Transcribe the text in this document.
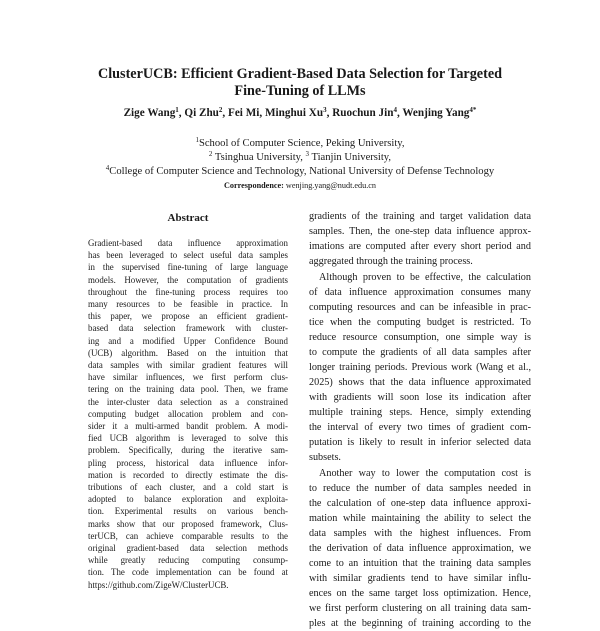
ClusterUCB: Efficient Gradient-Based Data Selection for Targeted
Fine-Tuning of LLMs
Zige Wang$^1$, Qi Zhu$^2$, Fei Mi, Minghui Xu$^3$, Ruochun Jin$^4$, Wenjing Yang$^{4*}$
$^1$School of Computer Science, Peking University,
$^2$ Tsinghua University, $^3$ Tianjin University,
$^4$College of Computer Science and Technology, National University of Defense Technology
Correspondence: wenjing.yang@nudt.edu.cn
Abstract
Gradient-based data influence approximation
has been leveraged to select useful data samples
in the supervised fine-tuning of large language
models. However, the computation of gradients
throughout the fine-tuning process requires too
many resources to be feasible in practice. In
this paper, we propose an efficient gradient-
based data selection framework with cluster-
ing and a modified Upper Confidence Bound
(UCB) algorithm. Based on the intuition that
data samples with similar gradient features will
have similar influences, we first perform clus-
tering on the training data pool. Then, we frame
the inter-cluster data selection as a constrained
computing budget allocation problem and con-
sider it a multi-armed bandit problem. A modi-
fied UCB algorithm is leveraged to solve this
problem. Specifically, during the iterative sam-
pling process, historical data influence infor-
mation is recorded to directly estimate the dis-
tributions of each cluster, and a cold start is
adopted to balance exploration and exploita-
tion. Experimental results on various bench-
marks show that our proposed framework, Clus-
terUCB, can achieve comparable results to the
original gradient-based data selection methods
while greatly reducing computing consump-
tion. The code implementation can be found at
https://github.com/ZigeW/ClusterUCB.
gradients of the training and target validation data
samples. Then, the one-step data influence approx-
imations are computed after every short period and
aggregated through the training process.
Although proven to be effective, the calculation
of data influence approximation consumes many
computing resources and can be infeasible in prac-
tice when the computing budget is restricted. To
reduce resource consumption, one simple way is
to compute the gradients of all data samples after
longer training periods. Previous work (Wang et al.,
2025) shows that the data influence approximated
with gradients will soon lose its indication after
multiple training steps. Hence, simply extending
the interval of every two times of gradient com-
putation is likely to result in inferior selected data
subsets.
Another way to lower the computation cost is
to reduce the number of data samples needed in
the calculation of one-step data influence approxi-
mation while maintaining the ability to select the
data samples with the highest influences. From
the derivation of data influence approximation, we
come to an intuition that the training data samples
with similar gradients tend to have similar influ-
ences on the same target loss optimization. Hence,
we first perform clustering on all training data sam-
ples at the beginning of training according to the
